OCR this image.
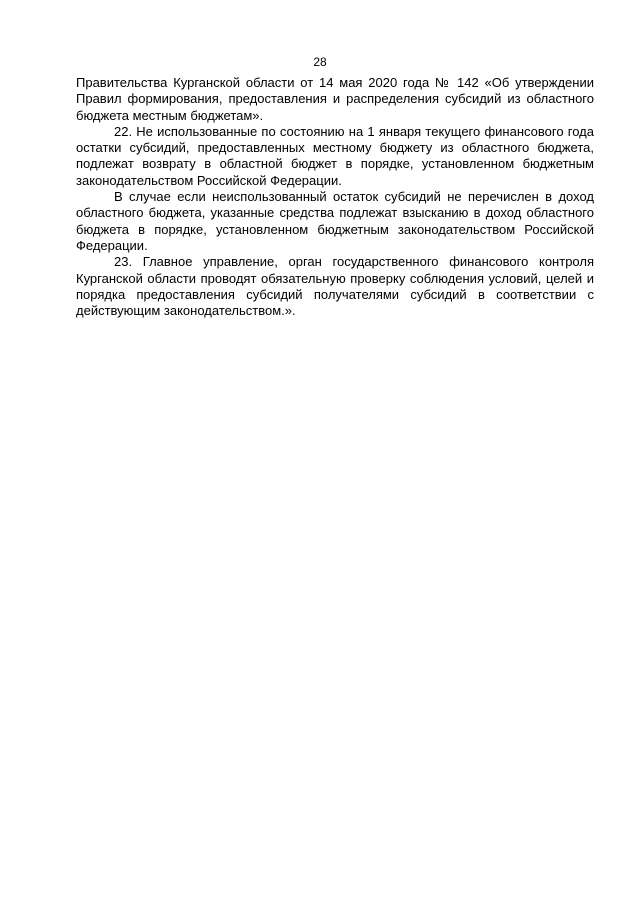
28

Правительства Курганской области от 14 мая 2020 года № 142 «Об утверждении Правил формирования, предоставления и распределения субсидий из областного бюджета местным бюджетам».

22. Не использованные по состоянию на 1 января текущего финансового года остатки субсидий, предоставленных местному бюджету из областного бюджета, подлежат возврату в областной бюджет в порядке, установленном бюджетным законодательством Российской Федерации.

В случае если неиспользованный остаток субсидий не перечислен в доход областного бюджета, указанные средства подлежат взысканию в доход областного бюджета в порядке, установленном бюджетным законодательством Российской Федерации.

23. Главное управление, орган государственного финансового контроля Курганской области проводят обязательную проверку соблюдения условий, целей и порядка предоставления субсидий получателями субсидий в соответствии с действующим законодательством.».
